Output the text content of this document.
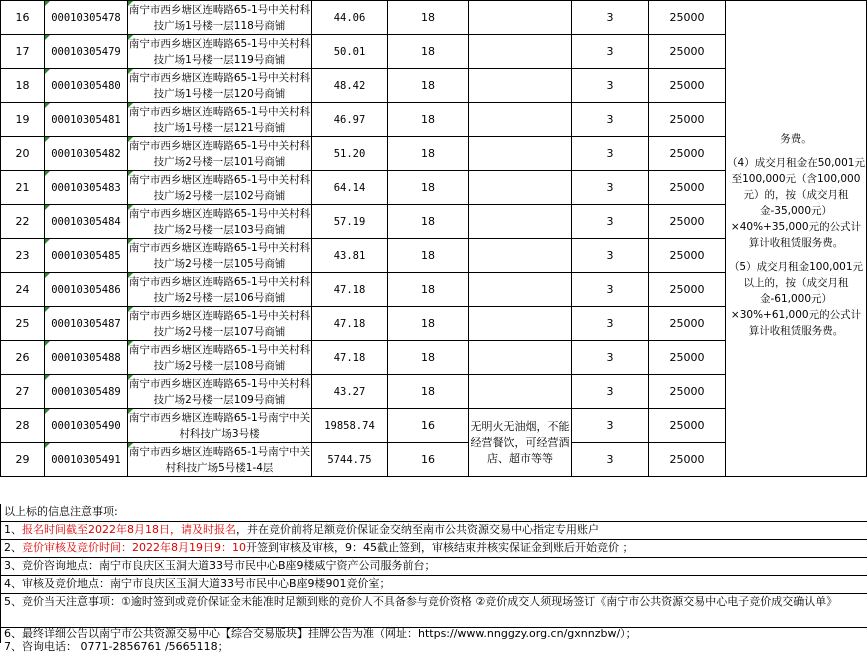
16	00010305478	南宁市西乡塘区连畴路65-1号中关村科技广场1号楼一层118号商铺	44.06	18		3	25000	务费。

（4）成交月租金在50,001元至100,000元（含100,000元）的，按（成交月租金-35,000元）×40%+35,000元的公式计算计收租赁服务费。

（5）成交月租金100,001元以上的，按（成交月租金-61,000元）×30%+61,000元的公式计算计收租赁服务费。

17	00010305479	南宁市西乡塘区连畴路65-1号中关村科技广场1号楼一层119号商铺	50.01	18		3	25000	
18	00010305480	南宁市西乡塘区连畴路65-1号中关村科技广场1号楼一层120号商铺	48.42	18		3	25000	
19	00010305481	南宁市西乡塘区连畴路65-1号中关村科技广场1号楼一层121号商铺	46.97	18		3	25000	
20	00010305482	南宁市西乡塘区连畴路65-1号中关村科技广场2号楼一层101号商铺	51.20	18		3	25000	
21	00010305483	南宁市西乡塘区连畴路65-1号中关村科技广场2号楼一层102号商铺	64.14	18		3	25000	
22	00010305484	南宁市西乡塘区连畴路65-1号中关村科技广场2号楼一层103号商铺	57.19	18		3	25000	
23	00010305485	南宁市西乡塘区连畴路65-1号中关村科技广场2号楼一层105号商铺	43.81	18		3	25000	
24	00010305486	南宁市西乡塘区连畴路65-1号中关村科技广场2号楼一层106号商铺	47.18	18		3	25000	
25	00010305487	南宁市西乡塘区连畴路65-1号中关村科技广场2号楼一层107号商铺	47.18	18		3	25000	
26	00010305488	南宁市西乡塘区连畴路65-1号中关村科技广场2号楼一层108号商铺	47.18	18		3	25000	
27	00010305489	南宁市西乡塘区连畴路65-1号中关村科技广场2号楼一层109号商铺	43.27	18		3	25000	
28	00010305490	南宁市西乡塘区连畴路65-1号南宁中关村科技广场3号楼	19858.74	16	无明火无油烟，不能经营餐饮，可经营酒店、超市等等	3	25000	
29	00010305491	南宁市西乡塘区连畴路65-1号南宁中关村科技广场5号楼1-4层	5744.75	16		3	25000	
以上标的信息注意事项:
1、报名时间截至2022年8月18日，请及时报名，并在竞价前将足额竞价保证金交纳至南市公共资源交易中心指定专用账户
2、竞价审核及竞价时间：2022年8月19日9：10开签到审核及审核，9：45截止签到，审核结束并核实保证金到账后开始竞价 ；
3、竞价咨询地点：南宁市良庆区玉洞大道33号市民中心B座9楼威宁资产公司服务前台；
4、审核及竞价地点：南宁市良庆区玉洞大道33号市民中心B座9楼901竞价室；
5、竞价当天注意事项：①逾时签到或竞价保证金未能准时足额到账的竞价人不具备参与竞价资格 ②竞价成交人须现场签订《南宁市公共资源交易中心电子竞价成交确认单》
6、最终详细公告以南宁市公共资源交易中心【综合交易版块】挂牌公告为准（网址：https://www.nnggzy.org.cn/gxnnzbw/）；
7、咨询电话： 0771-2856761 /5665118；
